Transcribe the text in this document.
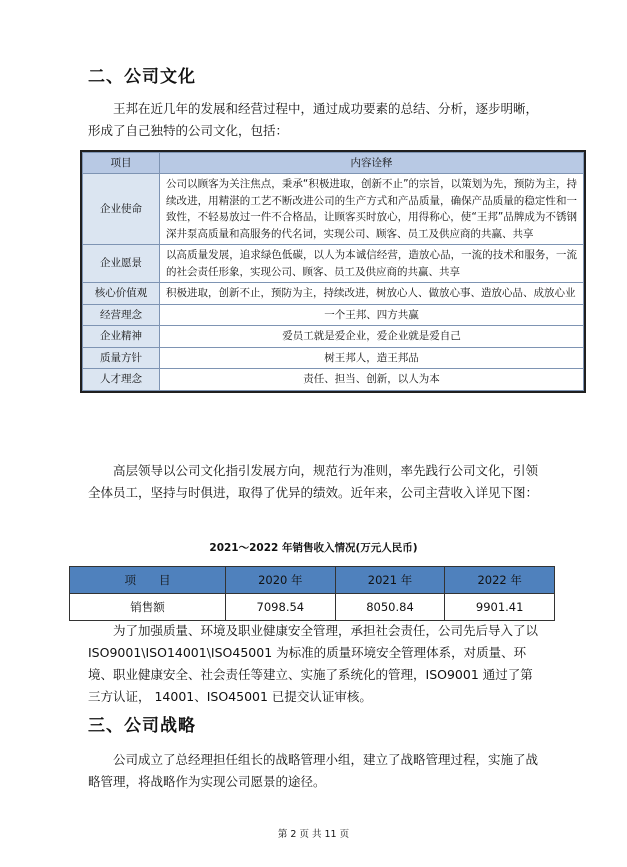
二、公司文化
王邦在近几年的发展和经营过程中，通过成功要素的总结、分析，逐步明晰，形成了自己独特的公司文化，包括：
项目	内容诠释
企业使命	公司以顾客为关注焦点，秉承“积极进取，创新不止”的宗旨，以策划为先，预防为主，持续改进，用精湛的工艺不断改进公司的生产方式和产品质量，确保产品质量的稳定性和一致性，不轻易放过一件不合格品，让顾客买时放心，用得称心，使“王邦”品牌成为不锈钢深井泵高质量和高服务的代名词，实现公司、顾客、员工及供应商的共赢、共享
企业愿景	以高质量发展，追求绿色低碳，以人为本诚信经营，造放心品，一流的技术和服务，一流的社会责任形象，实现公司、顾客、员工及供应商的共赢、共享
核心价值观	积极进取，创新不止，预防为主，持续改进，树放心人、做放心事、造放心品、成放心业
经营理念	一个王邦、四方共赢
企业精神	爱员工就是爱企业，爱企业就是爱自己
质量方针	树王邦人，造王邦品
人才理念	责任、担当、创新，以人为本
高层领导以公司文化指引发展方向，规范行为准则，率先践行公司文化，引领全体员工，坚持与时俱进，取得了优异的绩效。近年来，公司主营收入详见下图：
2021～2022 年销售收入情况(万元人民币)
项　　目	2020 年	2021 年	2022 年
销售额	7098.54	8050.84	9901.41
为了加强质量、环境及职业健康安全管理，承担社会责任，公司先后导入了以 ISO9001\ISO14001\ISO45001 为标准的质量环境安全管理体系，对质量、环境、职业健康安全、社会责任等建立、实施了系统化的管理，ISO9001 通过了第三方认证， 14001、ISO45001 已提交认证审核。
三、公司战略
公司成立了总经理担任组长的战略管理小组，建立了战略管理过程，实施了战略管理，将战略作为实现公司愿景的途径。
第 2 页 共 11 页
